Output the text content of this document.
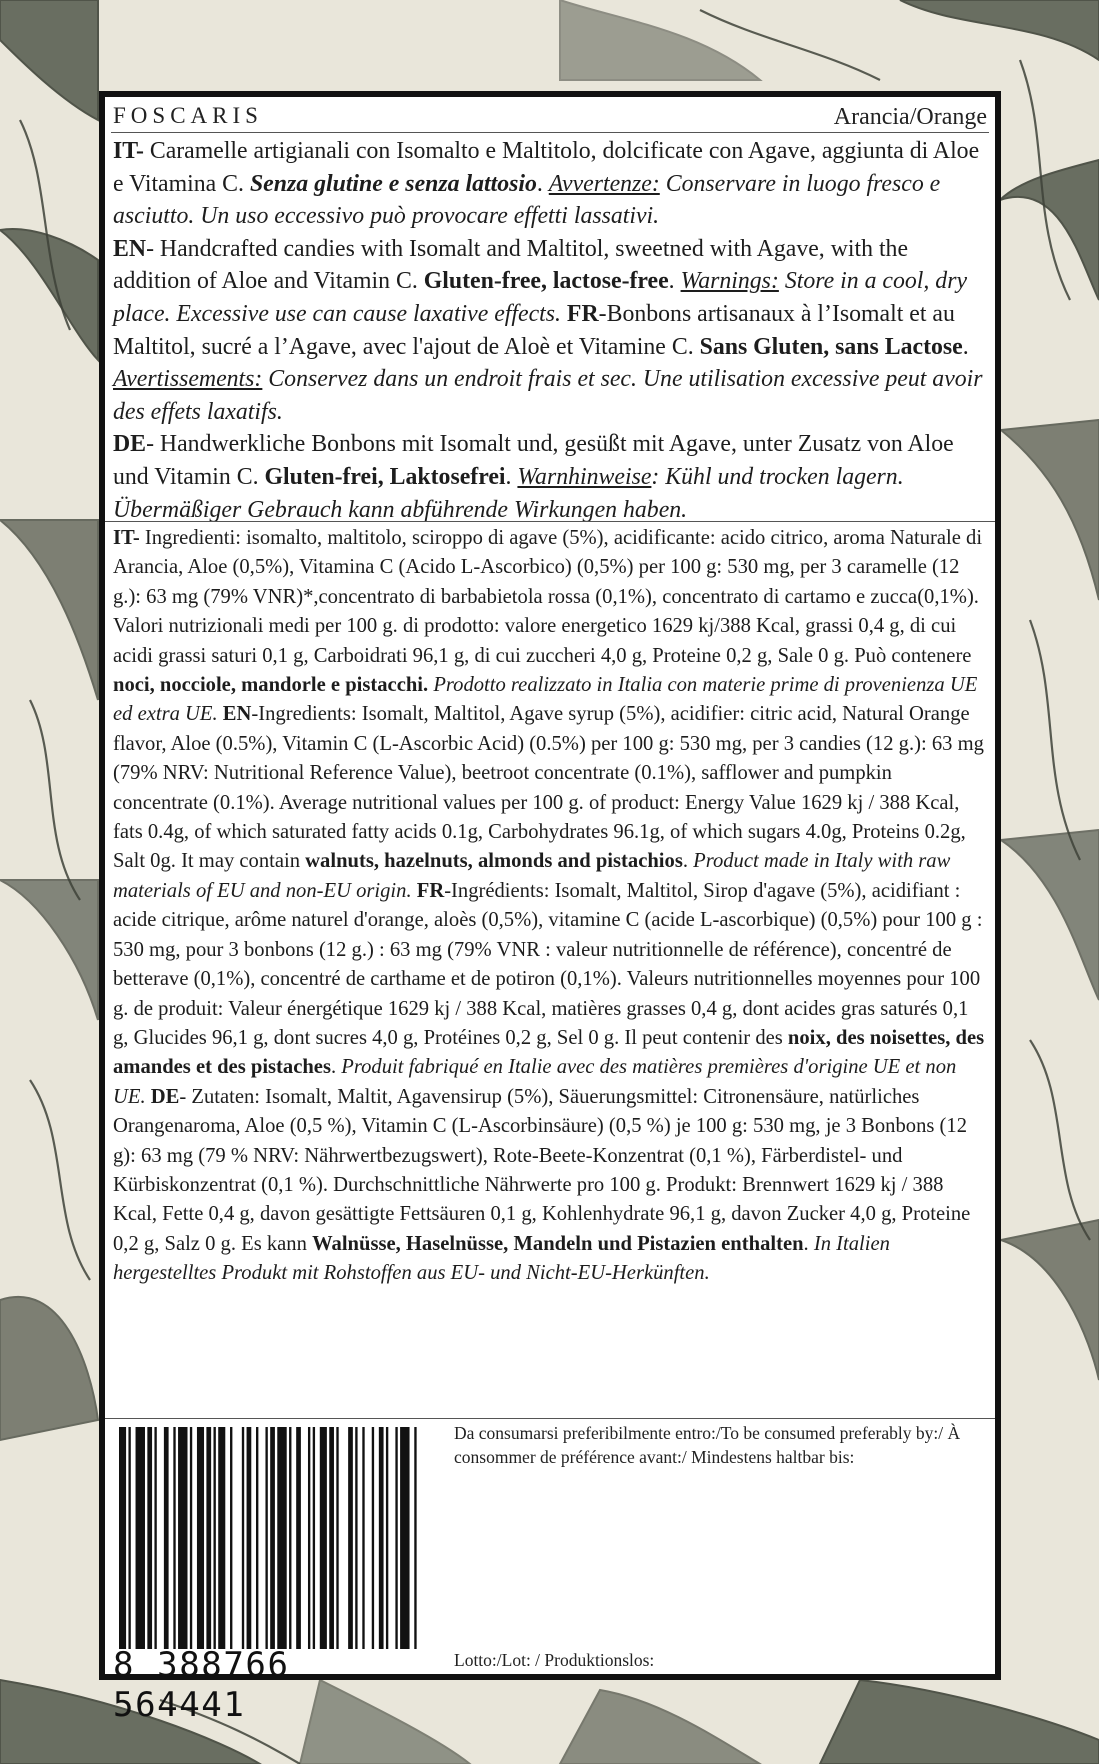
FOSCARIS	Arancia/Orange

IT- Caramelle artigianali con Isomalto e Maltitolo, dolcificate con Agave, aggiunta di Aloe e Vitamina C. Senza glutine e senza lattosio. Avvertenze: Conservare in luogo fresco e asciutto. Un uso eccessivo può provocare effetti lassativi.

EN- Handcrafted candies with Isomalt and Maltitol, sweetned with Agave, with the addition of Aloe and Vitamin C. Gluten-free, lactose-free. Warnings: Store in a cool, dry place. Excessive use can cause laxative effects. FR-Bonbons artisanaux à l’Isomalt et au Maltitol, sucré a l’Agave, avec l'ajout de Aloè et Vitamine C. Sans Gluten, sans Lactose. Avertissements: Conservez dans un endroit frais et sec. Une utilisation excessive peut avoir des effets laxatifs.

DE- Handwerkliche Bonbons mit Isomalt und, gesüßt mit Agave, unter Zusatz von Aloe und Vitamin C. Gluten-frei, Laktosefrei. Warnhinweise: Kühl und trocken lagern. Übermäßiger Gebrauch kann abführende Wirkungen haben.

IT- Ingredienti: isomalto, maltitolo, sciroppo di agave (5%), acidificante: acido citrico, aroma Naturale di Arancia, Aloe (0,5%), Vitamina C (Acido L-Ascorbico) (0,5%) per 100 g: 530 mg, per 3 caramelle (12 g.): 63 mg (79% VNR)*,concentrato di barbabietola rossa (0,1%), concentrato di cartamo e zucca(0,1%). Valori nutrizionali medi per 100 g. di prodotto: valore energetico 1629 kj/388 Kcal, grassi 0,4 g, di cui acidi grassi saturi 0,1 g, Carboidrati 96,1 g, di cui zuccheri 4,0 g, Proteine 0,2 g, Sale 0 g. Può contenere noci, nocciole, mandorle e pistacchi. Prodotto realizzato in Italia con materie prime di provenienza UE ed extra UE. EN-Ingredients: Isomalt, Maltitol, Agave syrup (5%), acidifier: citric acid, Natural Orange flavor, Aloe (0.5%), Vitamin C (L-Ascorbic Acid) (0.5%) per 100 g: 530 mg, per 3 candies (12 g.): 63 mg (79% NRV: Nutritional Reference Value), beetroot concentrate (0.1%), safflower and pumpkin concentrate (0.1%). Average nutritional values per 100 g. of product: Energy Value 1629 kj / 388 Kcal, fats 0.4g, of which saturated fatty acids 0.1g, Carbohydrates 96.1g, of which sugars 4.0g, Proteins 0.2g, Salt 0g. It may contain walnuts, hazelnuts, almonds and pistachios. Product made in Italy with raw materials of EU and non-EU origin. FR-Ingrédients: Isomalt, Maltitol, Sirop d'agave (5%), acidifiant : acide citrique, arôme naturel d'orange, aloès (0,5%), vitamine C (acide L-ascorbique) (0,5%) pour 100 g : 530 mg, pour 3 bonbons (12 g.) : 63 mg (79% VNR : valeur nutritionnelle de référence), concentré de betterave (0,1%), concentré de carthame et de potiron (0,1%). Valeurs nutritionnelles moyennes pour 100 g. de produit: Valeur énergétique 1629 kj / 388 Kcal, matières grasses 0,4 g, dont acides gras saturés 0,1 g, Glucides 96,1 g, dont sucres 4,0 g, Protéines 0,2 g, Sel 0 g. Il peut contenir des noix, des noisettes, des amandes et des pistaches. Produit fabriqué en Italie avec des matières premières d'origine UE et non UE. DE- Zutaten: Isomalt, Maltit, Agavensirup (5%), Säuerungsmittel: Citronensäure, natürliches Orangenaroma, Aloe (0,5 %), Vitamin C (L-Ascorbinsäure) (0,5 %) je 100 g: 530 mg, je 3 Bonbons (12 g): 63 mg (79 % NRV: Nährwertbezugswert), Rote-Beete-Konzentrat (0,1 %), Färberdistel- und Kürbiskonzentrat (0,1 %). Durchschnittliche Nährwerte pro 100 g. Produkt: Brennwert 1629 kj / 388 Kcal, Fette 0,4 g, davon gesättigte Fettsäuren 0,1 g, Kohlenhydrate 96,1 g, davon Zucker 4,0 g, Proteine 0,2 g, Salz 0 g. Es kann Walnüsse, Haselnüsse, Mandeln und Pistazien enthalten. In Italien hergestelltes Produkt mit Rohstoffen aus EU- und Nicht-EU-Herkünften.

8 388766 564441
Da consumarsi preferibilmente entro:/To be consumed preferably by:/ À consommer de préférence avant:/ Mindestens haltbar bis:
Lotto:/Lot: / Produktionslos:
